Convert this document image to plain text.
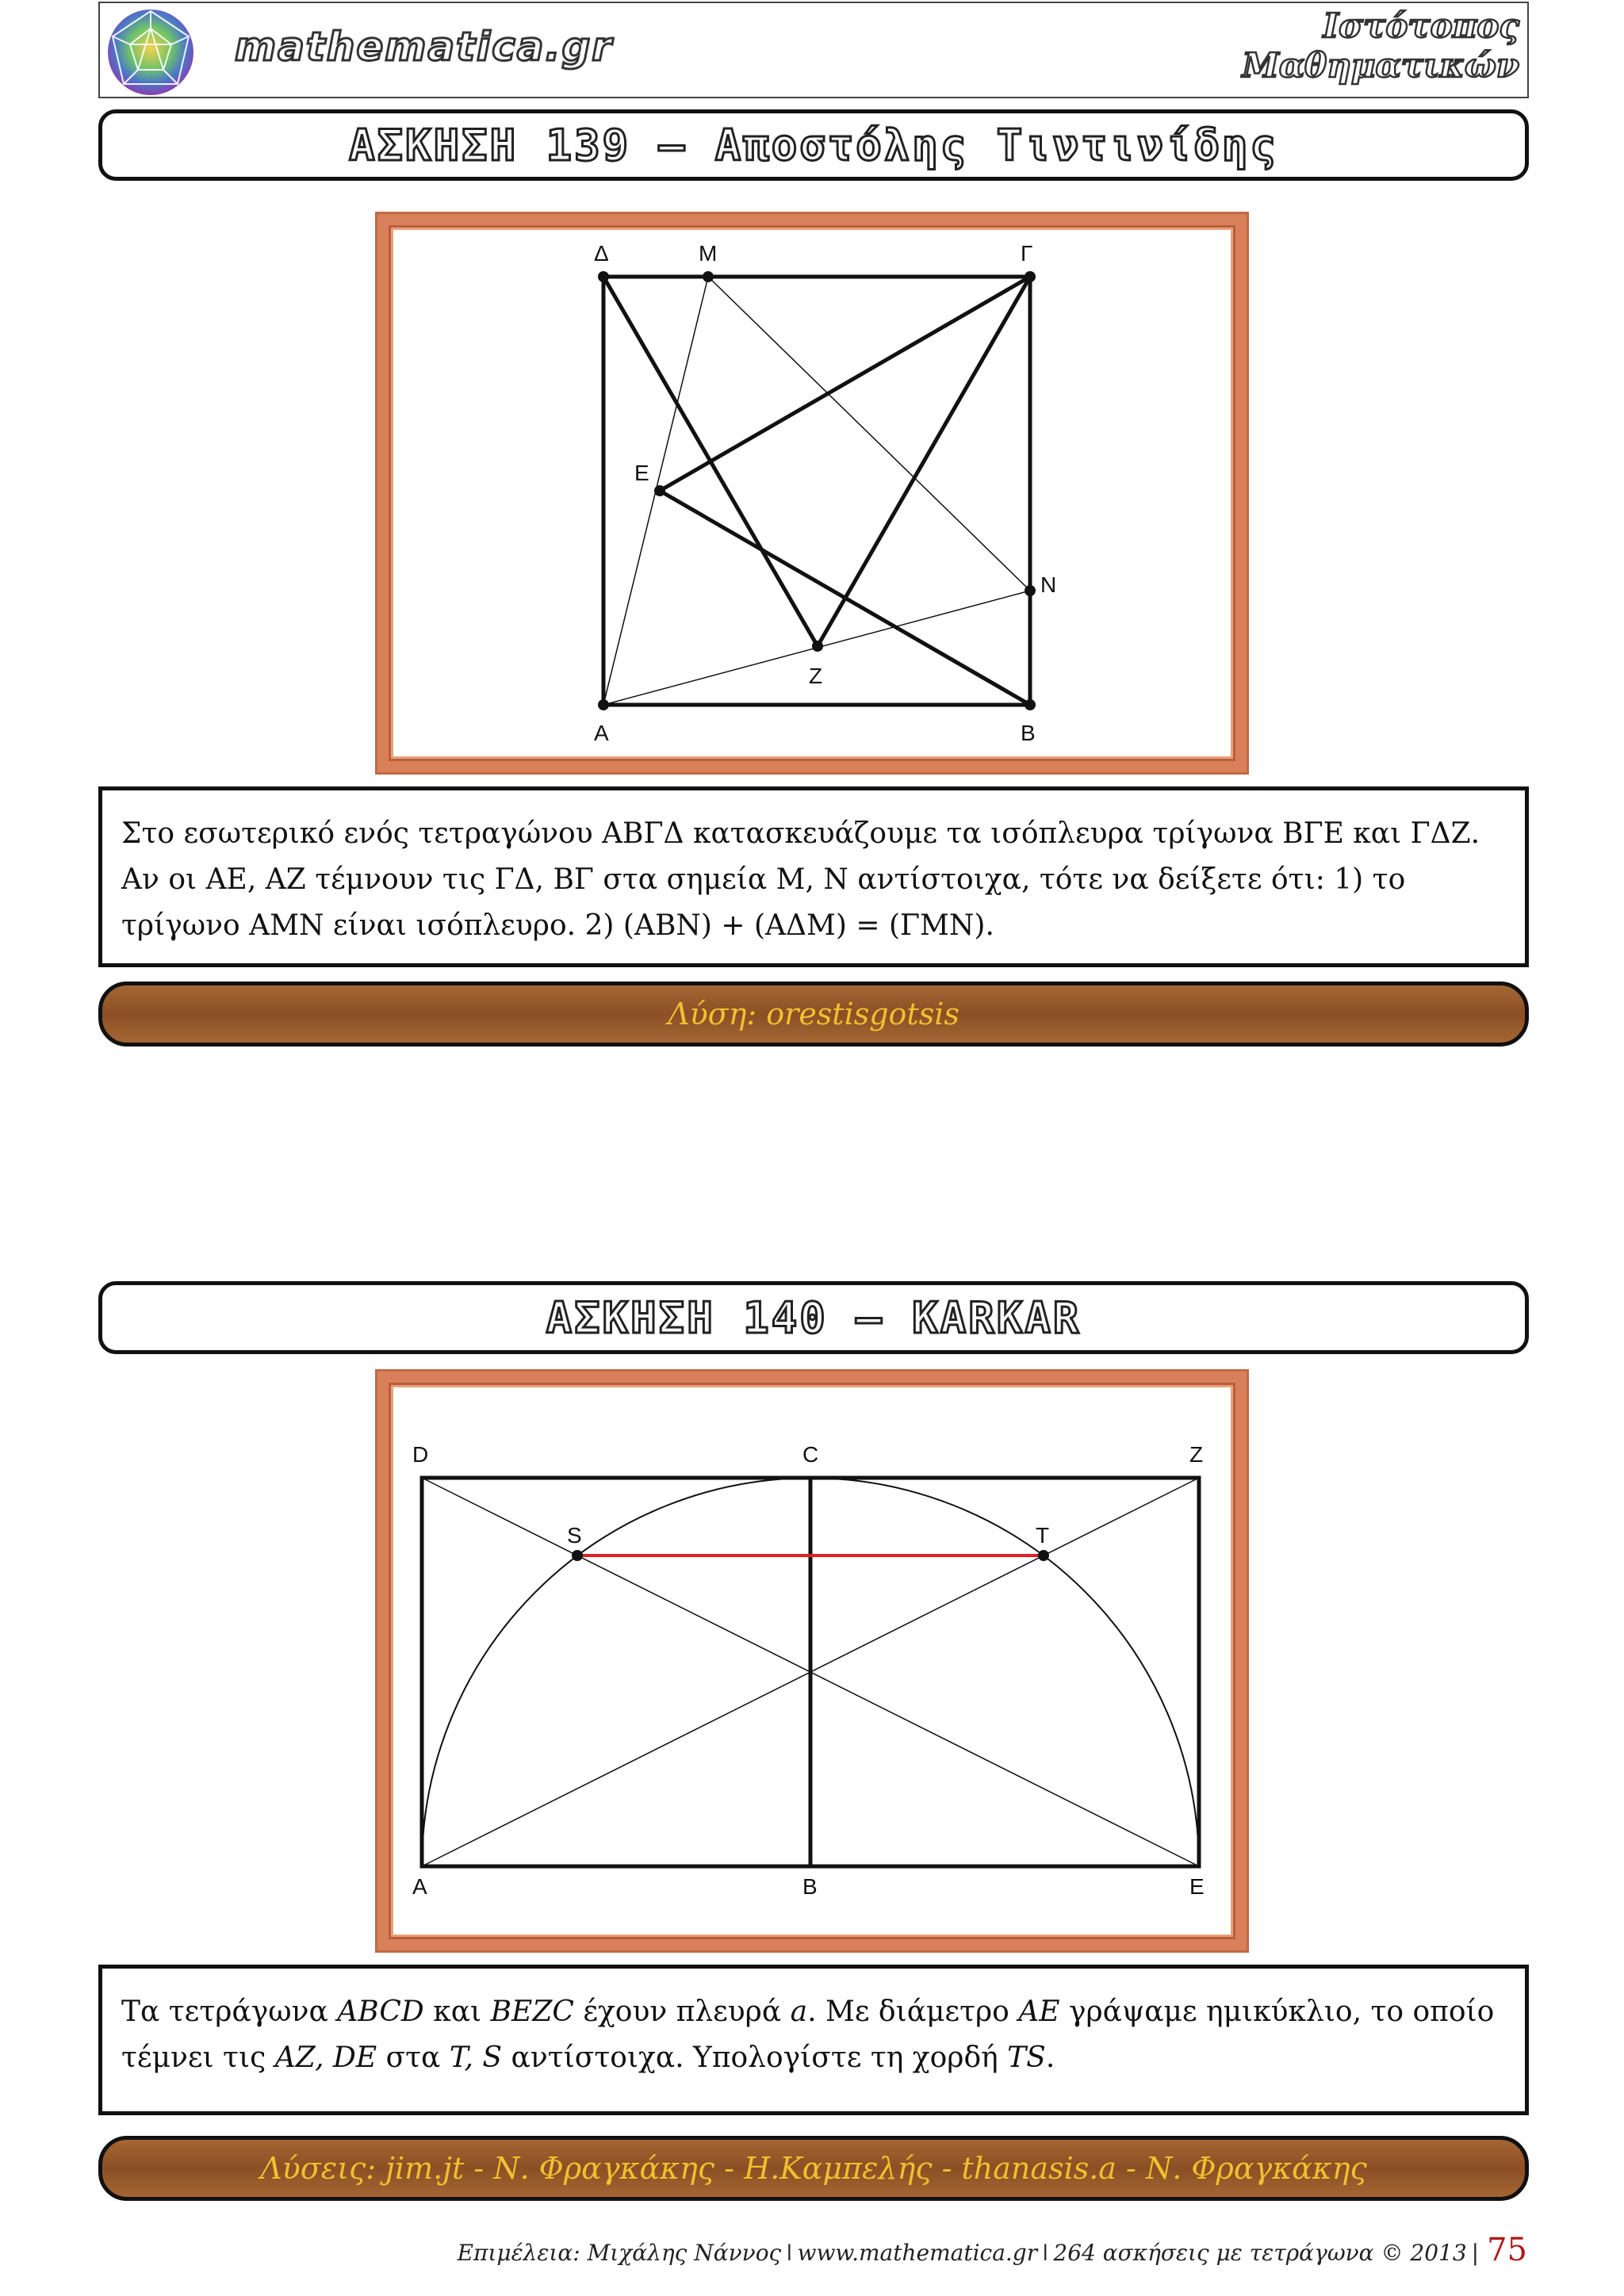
mathematica.gr	Ιστότοπος
Μαθηματικών
ΑΣΚΗΣΗ 139 – Αποστόλης Τιντινίδης
Α	Β
Γ
Δ	Μ
Ν
Ε
Ζ
Στο εσωτερικό ενός τετραγώνου ΑΒΓΔ κατασκευάζουμε τα ισόπλευρα τρίγωνα ΒΓΕ και ΓΔΖ. Αν οι ΑΕ, ΑΖ τέμνουν τις ΓΔ, ΒΓ στα σημεία Μ, Ν αντίστοιχα, τότε να δείξετε ότι: 1) το τρίγωνο ΑΜΝ είναι ισόπλευρο. 2) (ΑΒΝ) + (ΑΔΜ) = (ΓΜΝ).
Λύση: orestisgotsis
ΑΣΚΗΣΗ 140 – KARKAR
A	B
C
D
E
Z
S	T
Τα τετράγωνα ABCD και BEZC έχουν πλευρά a. Με διάμετρο AE γράψαμε ημικύκλιο, το οποίο τέμνει τις AZ, DE στα T, S αντίστοιχα. Υπολογίστε τη χορδή TS.
Λύσεις: jim.jt - Ν. Φραγκάκης - Η.Καμπελής - thanasis.a - Ν. Φραγκάκης
Επιμέλεια: Μιχάλης Νάννος ǀ www.mathematica.gr ǀ 264 ασκήσεις με τετράγωνα © 2013 | 75
